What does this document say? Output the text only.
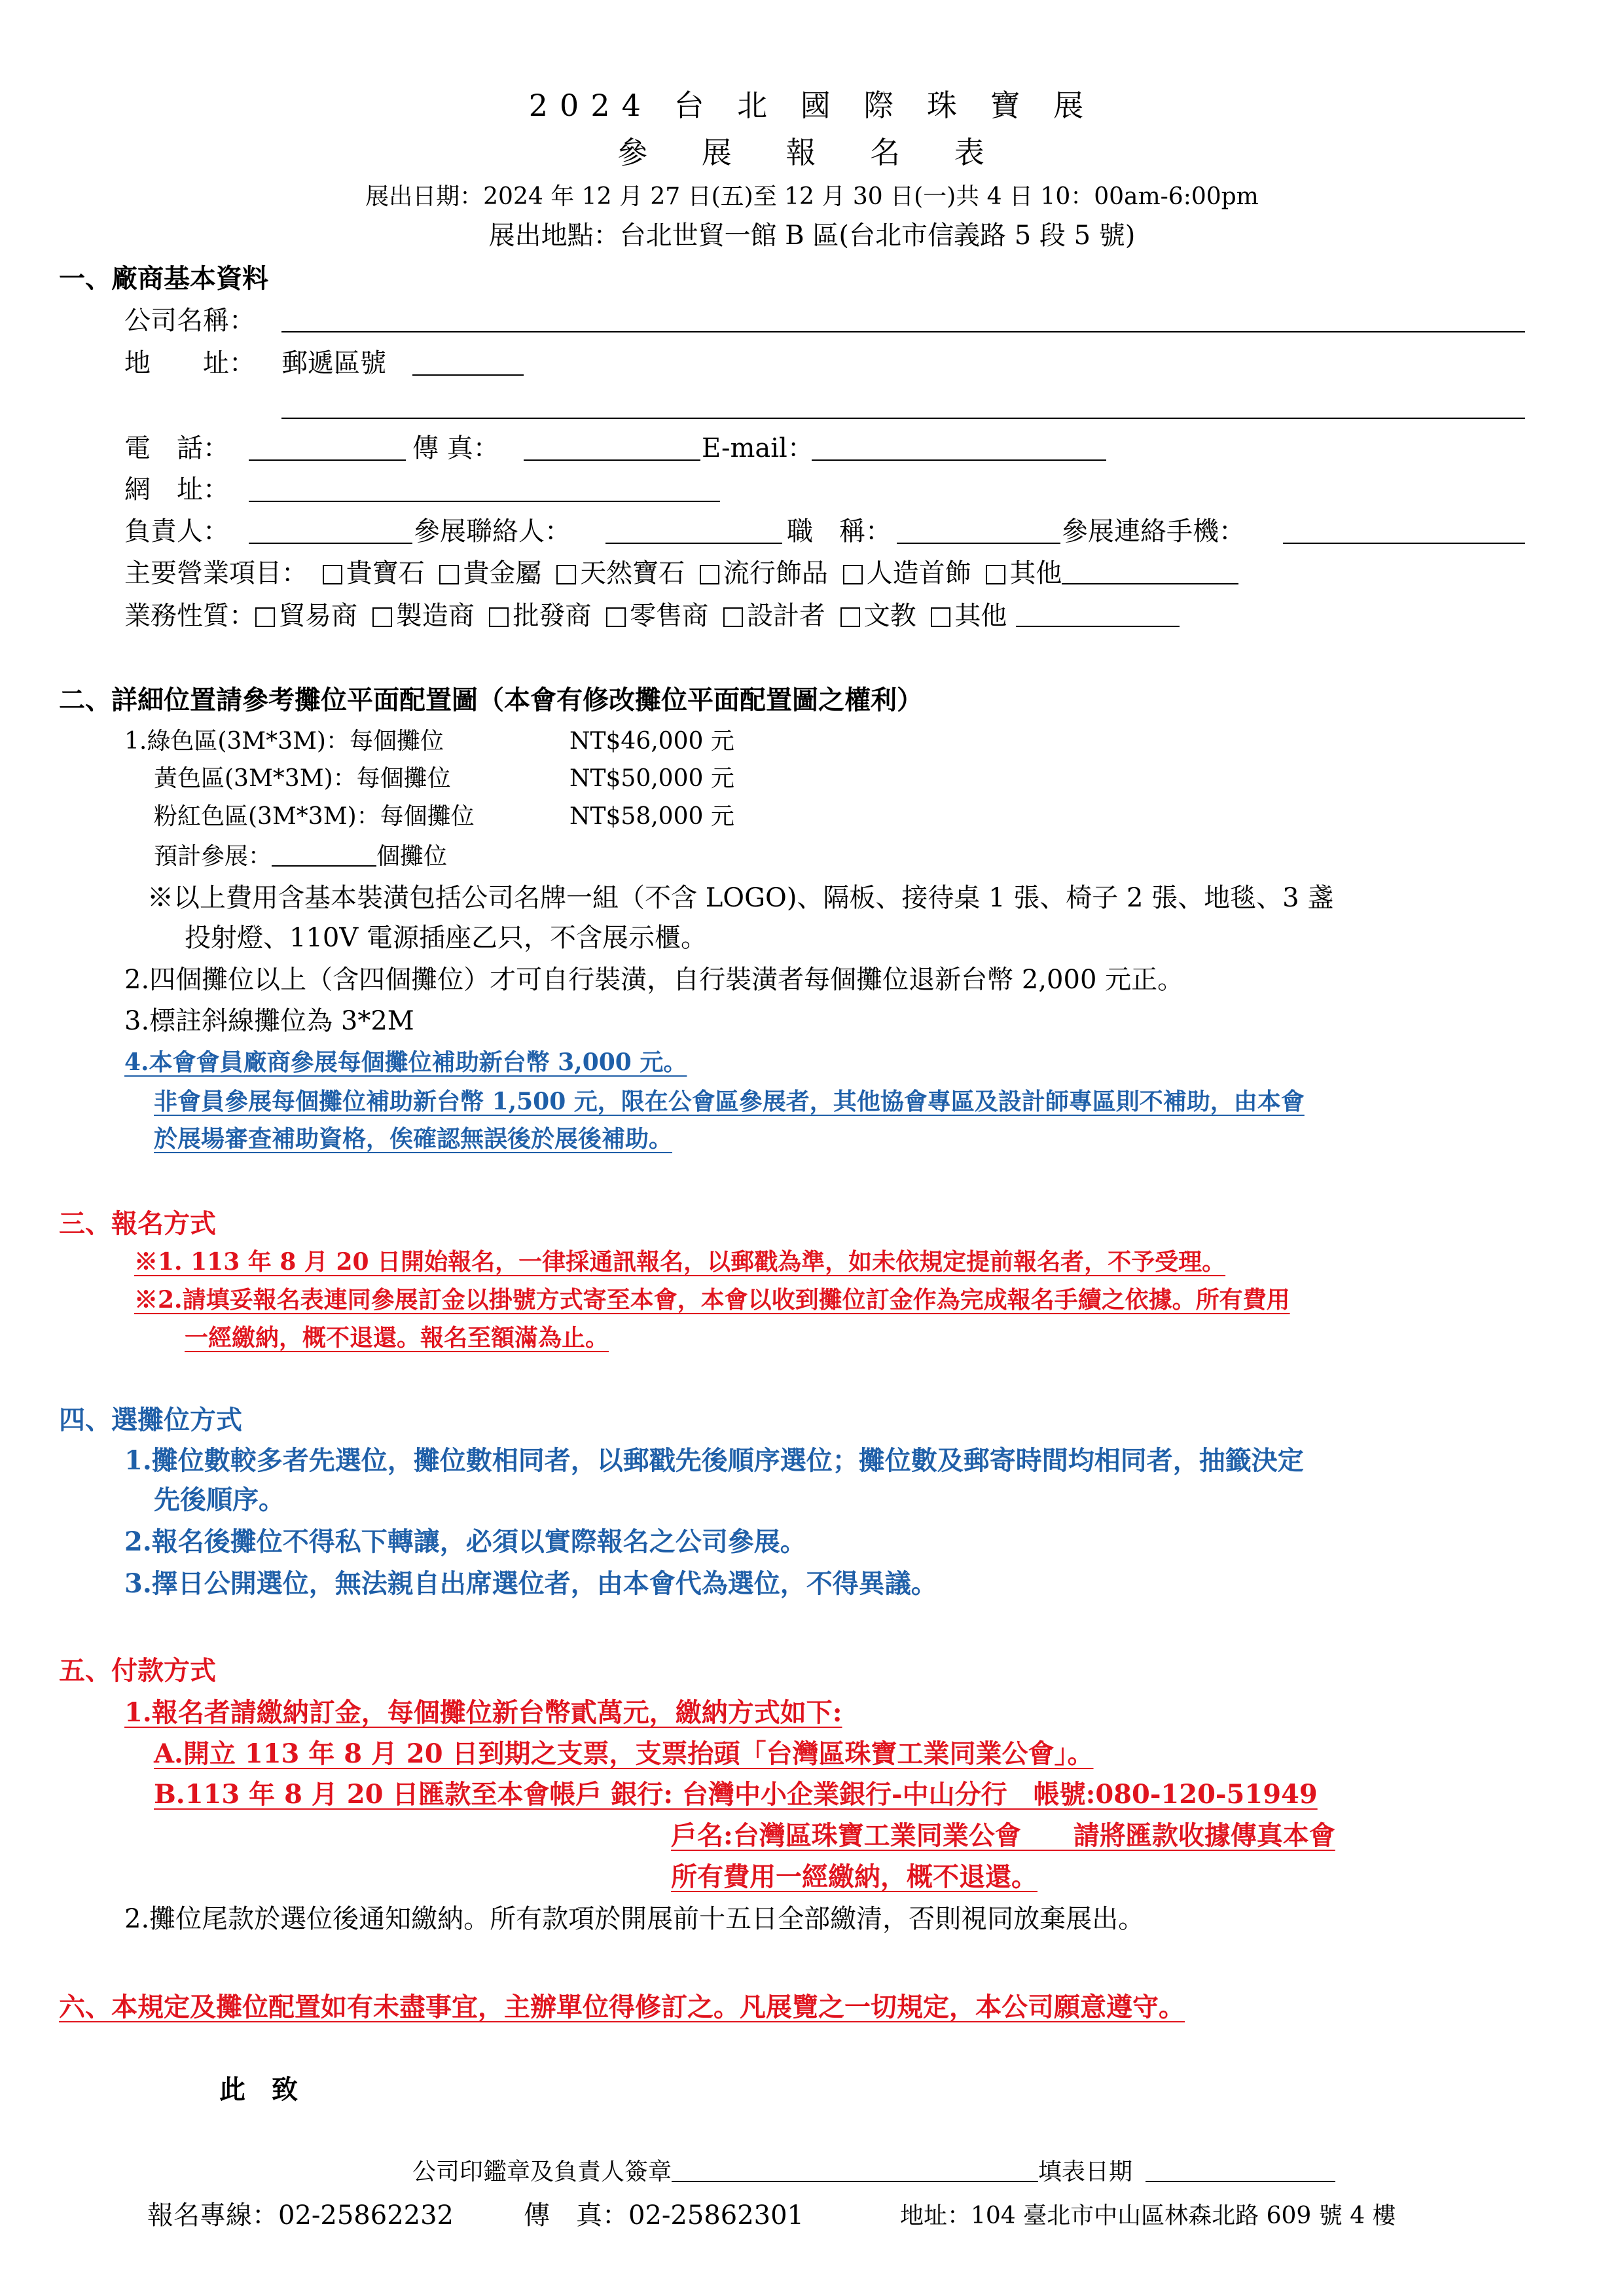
2024 台 北 國 際 珠 寶 展
參 展 報 名 表
展出日期：2024 年 12 月 27 日(五)至 12 月 30 日(一)共 4 日 10：00am-6:00pm
展出地點：台北世貿一館 B 區(台北市信義路 5 段 5 號)
一、廠商基本資料
公司名稱：
地　　址： 郵遞區號
電　話：	傳 真：	E-mail：
網　址：
負責人：	參展聯絡人：	職　稱：	參展連絡手機：
主要營業項目： 貴寶石 貴金屬 天然寶石 流行飾品 人造首飾 其他
業務性質： 貿易商 製造商 批發商 零售商 設計者 文教 其他
二、詳細位置請參考攤位平面配置圖（本會有修改攤位平面配置圖之權利）
1.綠色區(3M*3M)：每個攤位	NT$46,000 元
黃色區(3M*3M)：每個攤位	NT$50,000 元
粉紅色區(3M*3M)：每個攤位	NT$58,000 元
預計參展：	個攤位
※以上費用含基本裝潢包括公司名牌一組（不含 LOGO)、隔板、接待桌 1 張、椅子 2 張、地毯、3 盞
投射燈、110V 電源插座乙只，不含展示櫃。
2.四個攤位以上（含四個攤位）才可自行裝潢，自行裝潢者每個攤位退新台幣 2,000 元正。
3.標註斜線攤位為 3*2M
4.本會會員廠商參展每個攤位補助新台幣 3,000 元。
非會員參展每個攤位補助新台幣 1,500 元，限在公會區參展者，其他協會專區及設計師專區則不補助，由本會
於展場審查補助資格，俟確認無誤後於展後補助。
三、報名方式
※1. 113 年 8 月 20 日開始報名，一律採通訊報名，以郵戳為準，如未依規定提前報名者，不予受理。
※2.請填妥報名表連同參展訂金以掛號方式寄至本會，本會以收到攤位訂金作為完成報名手續之依據。所有費用
一經繳納，概不退還。報名至額滿為止。
四、選攤位方式
1.攤位數較多者先選位，攤位數相同者，以郵戳先後順序選位；攤位數及郵寄時間均相同者，抽籤決定
先後順序。
2.報名後攤位不得私下轉讓，必須以實際報名之公司參展。
3.擇日公開選位，無法親自出席選位者，由本會代為選位，不得異議。
五、付款方式
1.報名者請繳納訂金，每個攤位新台幣貳萬元，繳納方式如下:
A.開立 113 年 8 月 20 日到期之支票，支票抬頭「台灣區珠寶工業同業公會」。
B.113 年 8 月 20 日匯款至本會帳戶 銀行: 台灣中小企業銀行-中山分行　帳號:080-120-51949
戶名:台灣區珠寶工業同業公會　　請將匯款收據傳真本會
所有費用一經繳納，概不退還。
2.攤位尾款於選位後通知繳納。所有款項於開展前十五日全部繳清，否則視同放棄展出。
六、本規定及攤位配置如有未盡事宜，主辦單位得修訂之。凡展覽之一切規定，本公司願意遵守。
此　致
公司印鑑章及負責人簽章	填表日期
報名專線：02-25862232	傳　真：02-25862301	地址：104 臺北市中山區林森北路 609 號 4 樓
